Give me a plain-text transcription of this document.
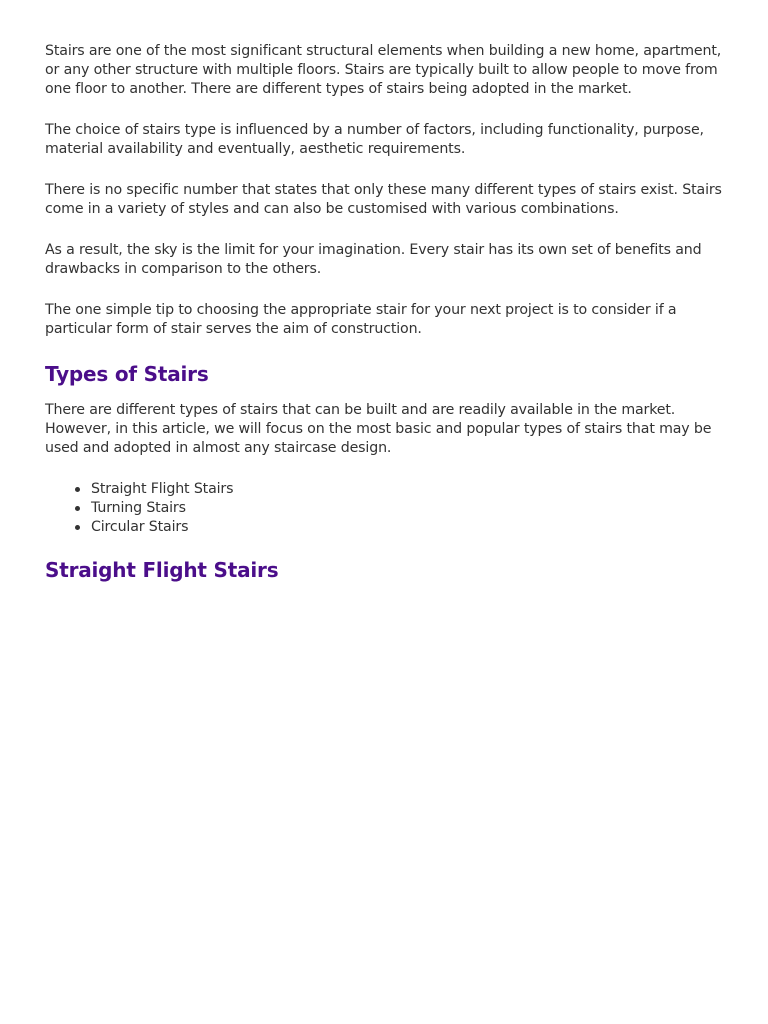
Stairs are one of the most significant structural elements when building a new home, apartment, or any other structure with multiple floors. Stairs are typically built to allow people to move from one floor to another. There are different types of stairs being adopted in the market.

The choice of stairs type is influenced by a number of factors, including functionality, purpose, material availability and eventually, aesthetic requirements.

There is no specific number that states that only these many different types of stairs exist. Stairs come in a variety of styles and can also be customised with various combinations.

As a result, the sky is the limit for your imagination. Every stair has its own set of benefits and drawbacks in comparison to the others.

The one simple tip to choosing the appropriate stair for your next project is to consider if a particular form of stair serves the aim of construction.

Types of Stairs

There are different types of stairs that can be built and are readily available in the market. However, in this article, we will focus on the most basic and popular types of stairs that may be used and adopted in almost any staircase design.

Straight Flight Stairs
Turning Stairs
Circular Stairs
Straight Flight Stairs
